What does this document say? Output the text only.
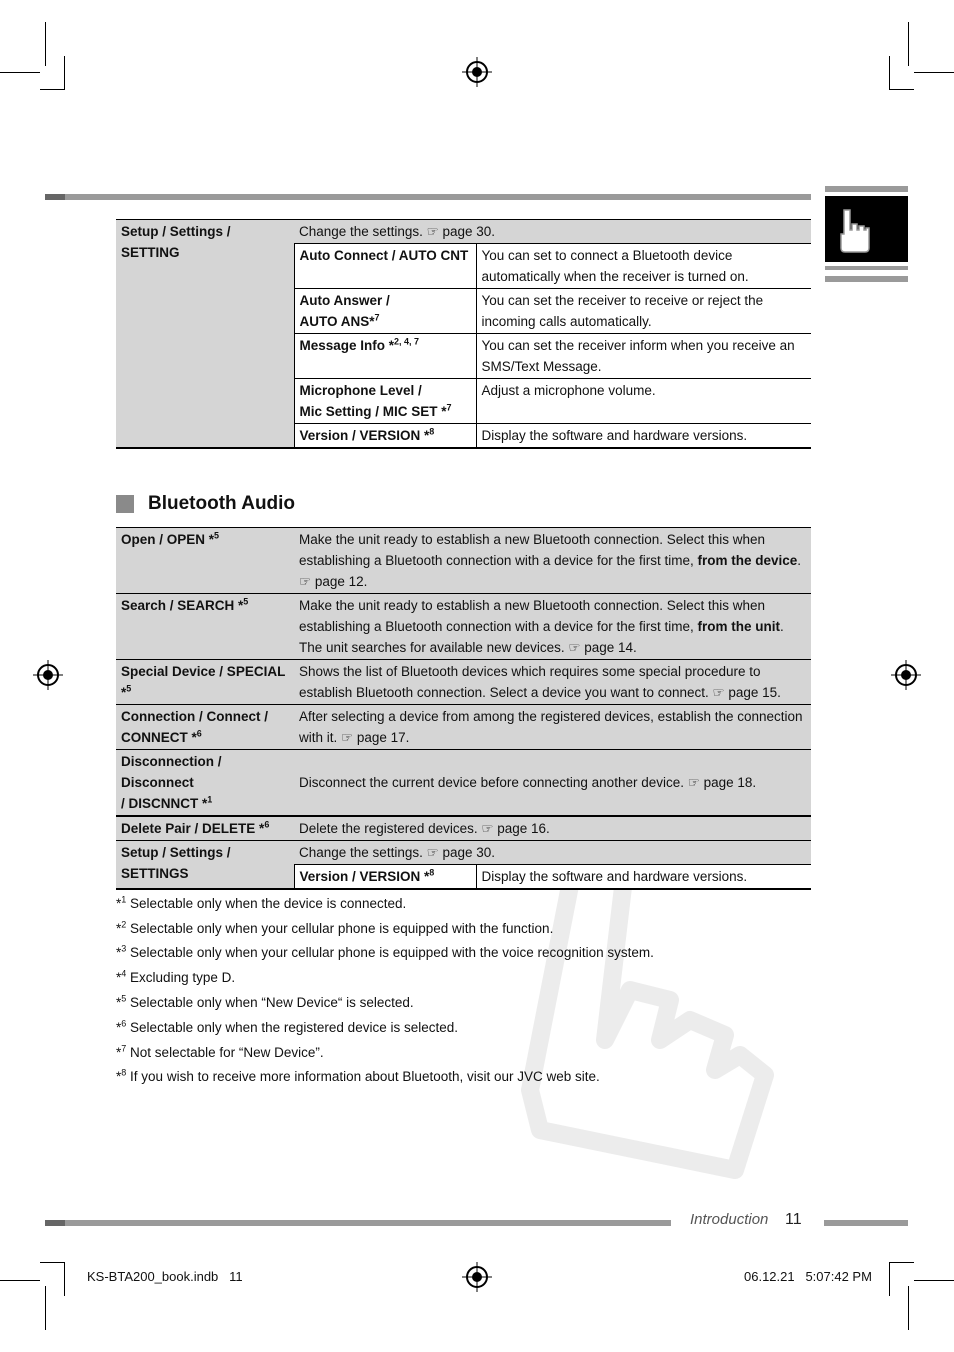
Setup / Settings / SETTING	Change the settings. ☞ page 30.	
	Auto Connect / AUTO CNT	You can set to connect a Bluetooth device automatically when the receiver is turned on.
	Auto Answer /
AUTO ANS*$^7$	You can set the receiver to receive or reject the incoming calls automatically.
	Message Info *$^{2, 4, 7}$	You can set the receiver inform when you receive an SMS/Text Message.
	Microphone Level /
Mic Setting / MIC SET *$^7$	Adjust a microphone volume.
	Version / VERSION *$^8$	Display the software and hardware versions.
Bluetooth Audio
Open / OPEN *$^5$	Make the unit ready to establish a new Bluetooth connection. Select this when establishing a Bluetooth connection with a device for the first time, from the device. ☞ page 12.	
Search / SEARCH *$^5$	Make the unit ready to establish a new Bluetooth connection. Select this when establishing a Bluetooth connection with a device for the first time, from the unit. The unit searches for available new devices. ☞ page 14.	
Special Device / SPECIAL *$^5$	Shows the list of Bluetooth devices which requires some special procedure to establish Bluetooth connection. Select a device you want to connect. ☞ page 15.	
Connection / Connect /
CONNECT *$^6$	After selecting a device from among the registered devices, establish the connection with it. ☞ page 17.	
Disconnection / Disconnect
/ DISCNNCT *$^1$	Disconnect the current device before connecting another device. ☞ page 18.	
Delete Pair / DELETE *$^6$	Delete the registered devices. ☞ page 16.	
Setup / Settings / SETTINGS	Change the settings. ☞ page 30.	
	Version / VERSION *$^8$	Display the software and hardware versions.
*$^1$ Selectable only when the device is connected.
*$^2$ Selectable only when your cellular phone is equipped with the function.
*$^3$ Selectable only when your cellular phone is equipped with the voice recognition system.
*$^4$ Excluding type D.
*$^5$ Selectable only when “New Device“ is selected.
*$^6$ Selectable only when the registered device is selected.
*$^7$ Not selectable for “New Device”.
*$^8$ If you wish to receive more information about Bluetooth, visit our JVC web site.
Introduction 11
KS-BTA200_book.indb   11	06.12.21   5:07:42 PM
